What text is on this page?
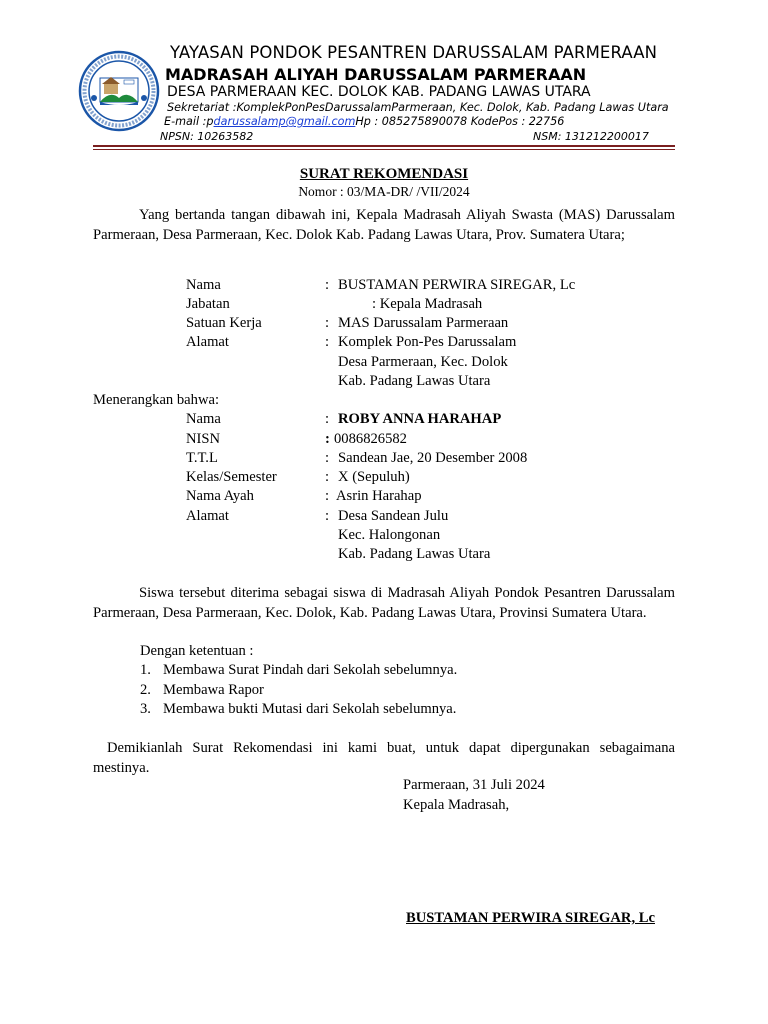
YAYASAN PONDOK PESANTREN DARUSSALAM PARMERAAN
MADRASAH ALIYAH DARUSSALAM PARMERAAN
DESA PARMERAAN KEC. DOLOK KAB. PADANG LAWAS UTARA
Sekretariat :KomplekPonPesDarussalamParmeraan, Kec. Dolok, Kab. Padang Lawas Utara
E-mail :pdarussalamp@gmail.comHp : 085275890078 KodePos : 22756
NPSN: 10263582	NSM: 131212200017
SURAT REKOMENDASI
Nomor : 03/MA-DR/ /VII/2024
Yang bertanda tangan dibawah ini, Kepala Madrasah Aliyah Swasta (MAS) Darussalam Parmeraan, Desa Parmeraan, Kec. Dolok Kab. Padang Lawas Utara, Prov. Sumatera Utara;
Nama	: BUSTAMAN PERWIRA SIREGAR, Lc
Jabatan	: Kepala Madrasah
Satuan Kerja	: MAS Darussalam Parmeraan
Alamat	: Komplek Pon-Pes Darussalam
Desa Parmeraan, Kec. Dolok
Kab. Padang Lawas Utara
Menerangkan bahwa:
Nama	: ROBY ANNA HARAHAP
NISN	: 0086826582
T.T.L	: Sandean Jae, 20 Desember 2008
Kelas/Semester	: X (Sepuluh)
Nama Ayah	: Asrin Harahap
Alamat	: Desa Sandean Julu
Kec. Halongonan
Kab. Padang Lawas Utara
Siswa tersebut diterima sebagai siswa di Madrasah Aliyah Pondok Pesantren Darussalam Parmeraan, Desa Parmeraan, Kec. Dolok, Kab. Padang Lawas Utara, Provinsi Sumatera Utara.
Dengan ketentuan :
1. Membawa Surat Pindah dari Sekolah sebelumnya.
2. Membawa Rapor
3. Membawa bukti Mutasi dari Sekolah sebelumnya.
Demikianlah Surat Rekomendasi ini kami buat, untuk dapat dipergunakan sebagaimana mestinya.
Parmeraan, 31 Juli 2024
Kepala Madrasah,
BUSTAMAN PERWIRA SIREGAR, Lc
